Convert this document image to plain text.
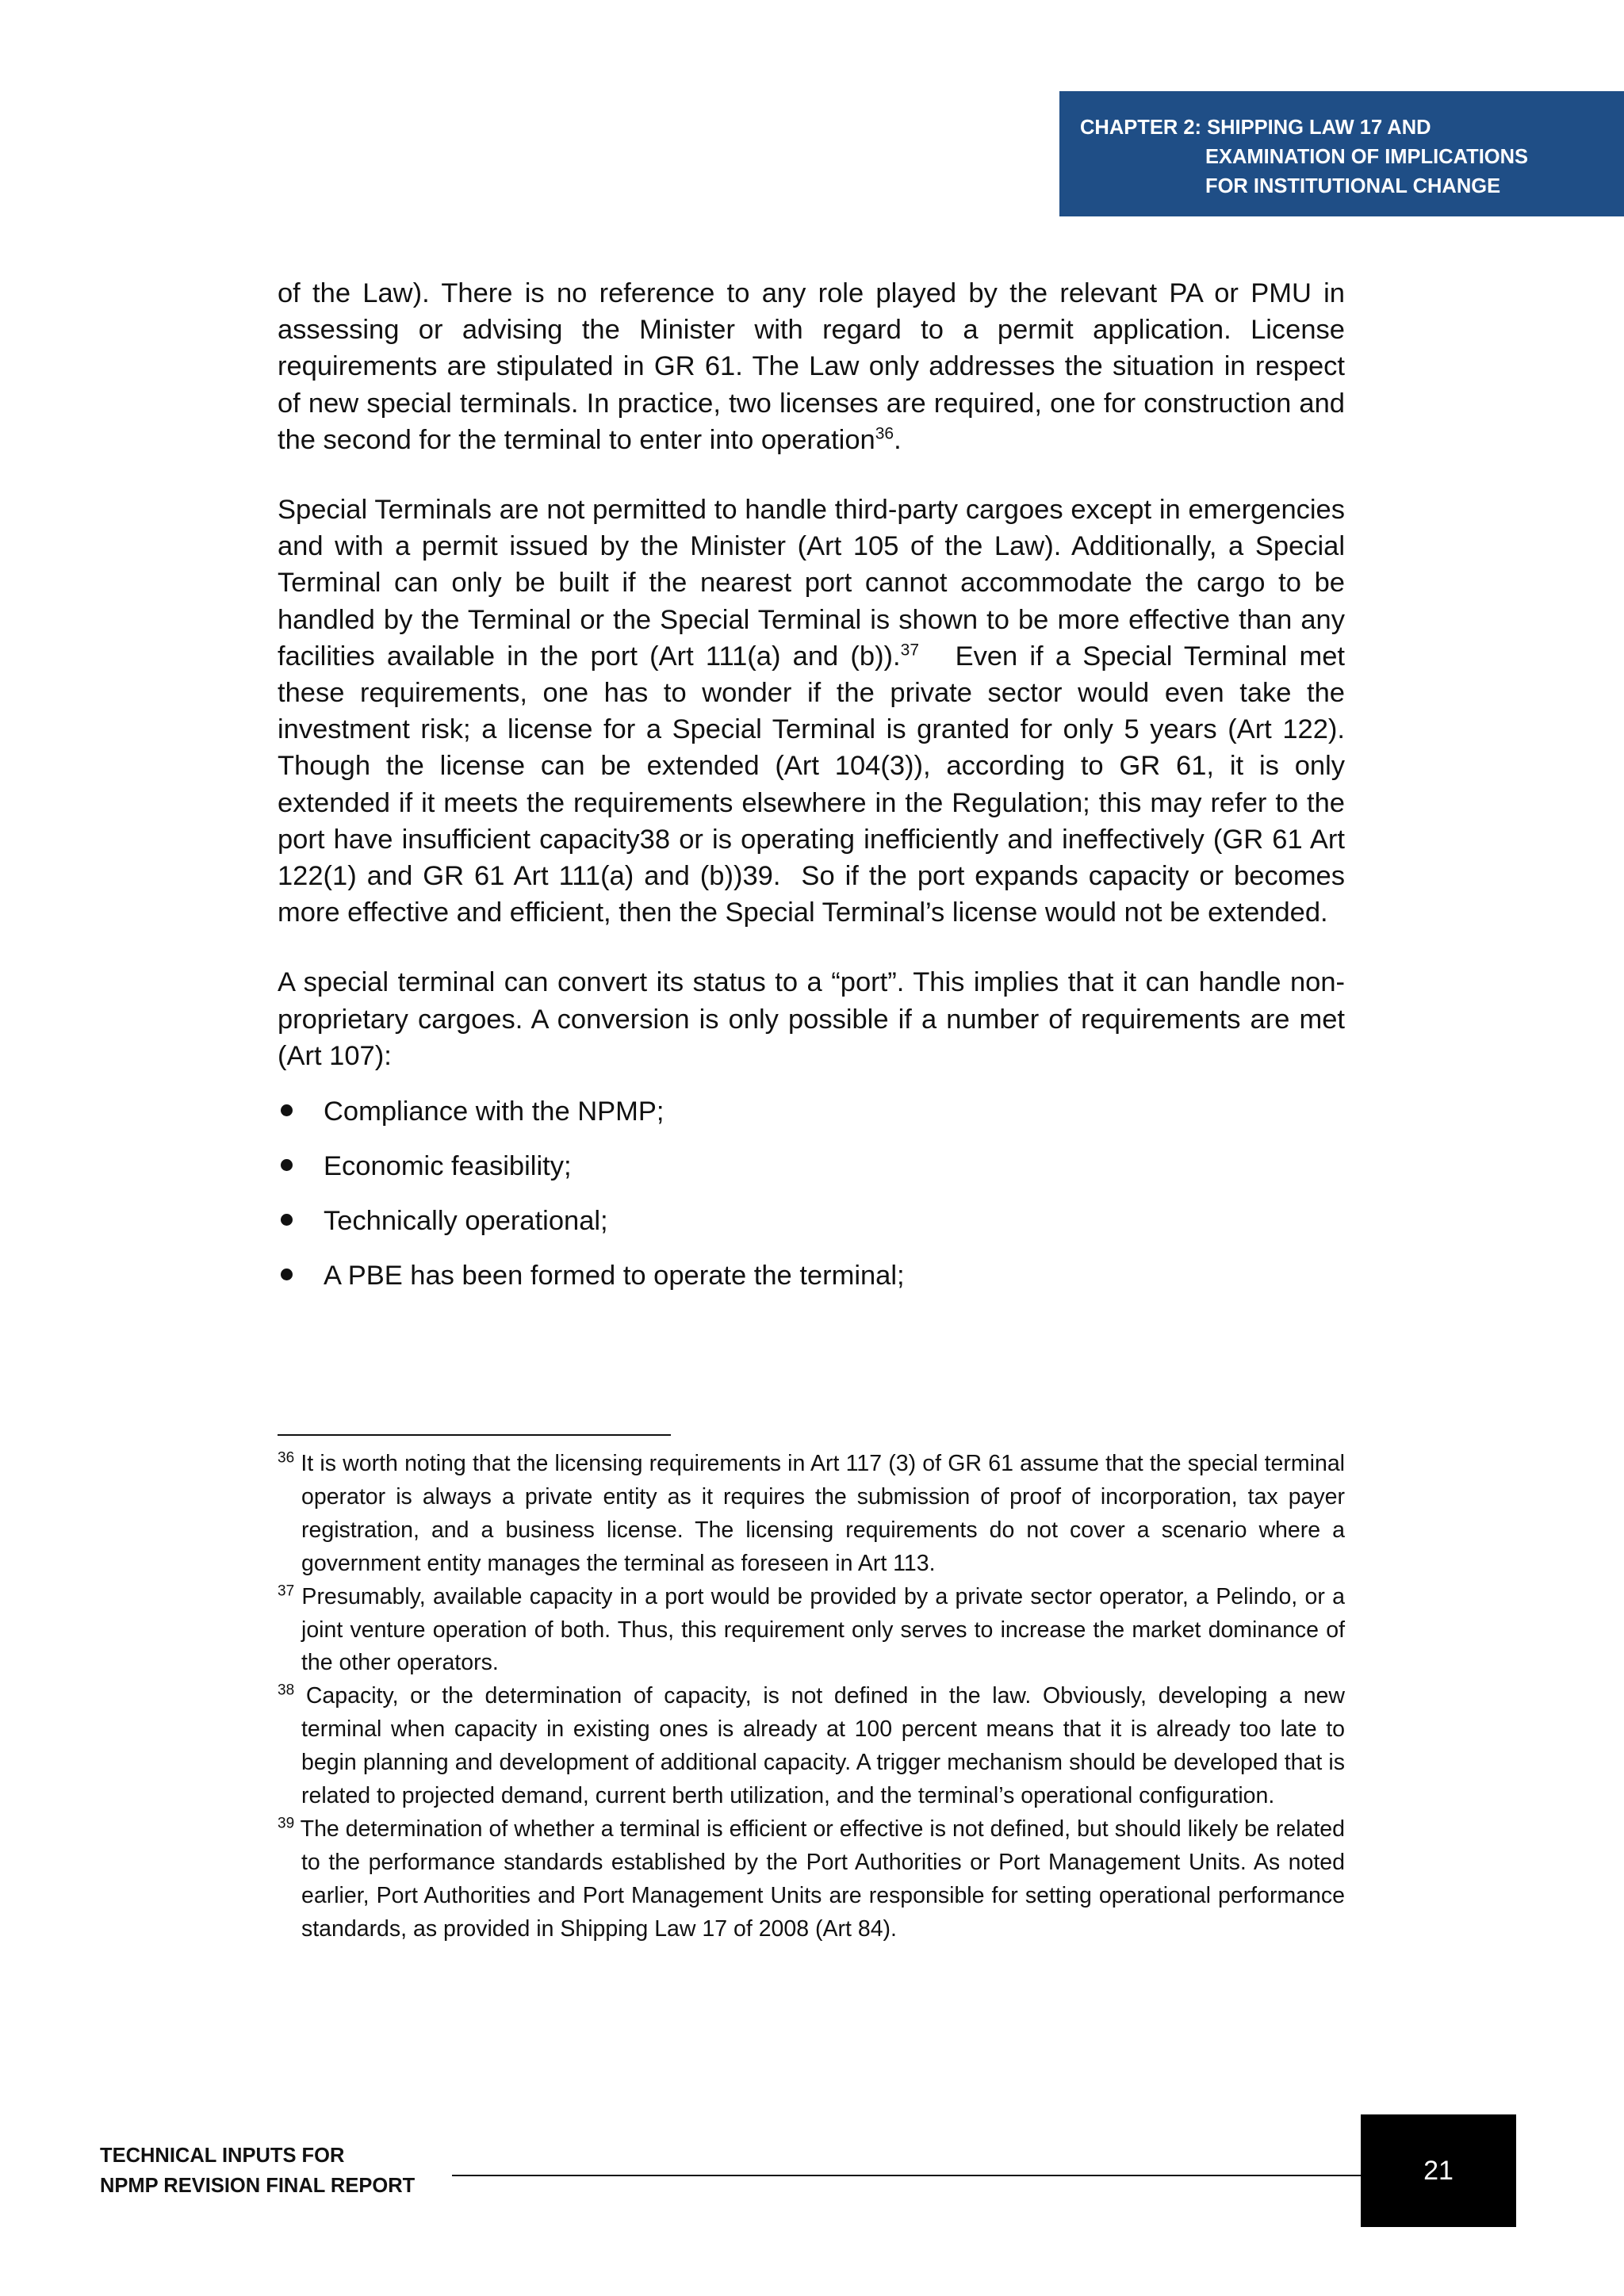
CHAPTER 2: SHIPPING LAW 17 AND
EXAMINATION OF IMPLICATIONS
FOR INSTITUTIONAL CHANGE

of the Law). There is no reference to any role played by the relevant PA or PMU in assessing or advising the Minister with regard to a permit application. License requirements are stipulated in GR 61. The Law only addresses the situation in respect of new special terminals. In practice, two licenses are required, one for construction and the second for the terminal to enter into operation$^{36}$.

Special Terminals are not permitted to handle third-party cargoes except in emergencies and with a permit issued by the Minister (Art 105 of the Law). Additionally, a Special Terminal can only be built if the nearest port cannot accommodate the cargo to be handled by the Terminal or the Special Terminal is shown to be more effective than any facilities available in the port (Art 111(a) and (b)).$^{37}$   Even if a Special Terminal met these requirements, one has to wonder if the private sector would even take the investment risk; a license for a Special Terminal is granted for only 5 years (Art 122).  Though the license can be extended (Art 104(3)), according to GR 61, it is only extended if it meets the requirements elsewhere in the Regulation; this may refer to the port have insufficient capacity38 or is operating inefficiently and ineffectively (GR 61 Art 122(1) and GR 61 Art 111(a) and (b))39.  So if the port expands capacity or becomes more effective and efficient, then the Special Terminal’s license would not be extended.

A special terminal can convert its status to a “port”. This implies that it can handle non-proprietary cargoes. A conversion is only possible if a number of requirements are met (Art 107):

Compliance with the NPMP;
Economic feasibility;
Technically operational;
A PBE has been formed to operate the terminal;

$^{36}$ It is worth noting that the licensing requirements in Art 117 (3) of GR 61 assume that the special terminal operator is always a private entity as it requires the submission of proof of incorporation, tax payer registration, and a business license. The licensing requirements do not cover a scenario where a government entity manages the terminal as foreseen in Art 113.

$^{37}$ Presumably, available capacity in a port would be provided by a private sector operator, a Pelindo, or a joint venture operation of both. Thus, this requirement only serves to increase the market dominance of the other operators.

$^{38}$ Capacity, or the determination of capacity, is not defined in the law. Obviously, developing a new terminal when capacity in existing ones is already at 100 percent means that it is already too late to begin planning and development of additional capacity. A trigger mechanism should be developed that is related to projected demand, current berth utilization, and the terminal’s operational configuration.

$^{39}$ The determination of whether a terminal is efficient or effective is not defined, but should likely be related to the performance standards established by the Port Authorities or Port Management Units. As noted earlier, Port Authorities and Port Management Units are responsible for setting operational performance standards, as provided in Shipping Law 17 of 2008 (Art 84).

TECHNICAL INPUTS FOR
NPMP REVISION FINAL REPORT
21
